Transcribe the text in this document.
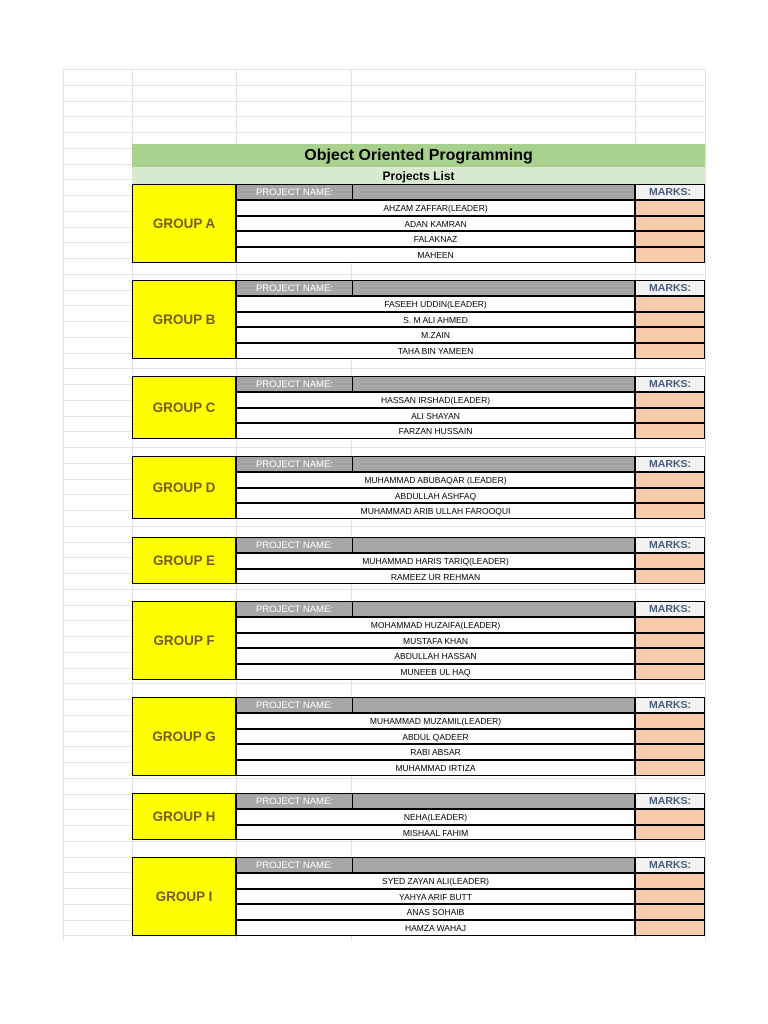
Object Oriented Programming
Projects List
GROUP A
PROJECT NAME:	MARKS:
AHZAM ZAFFAR(LEADER)
ADAN KAMRAN
FALAKNAZ
MAHEEN
GROUP B
PROJECT NAME:	MARKS:
FASEEH UDDIN(LEADER)
S. M ALI AHMED
M.ZAIN
TAHA BIN YAMEEN
GROUP C
PROJECT NAME:	MARKS:
HASSAN IRSHAD(LEADER)
ALI SHAYAN
FARZAN HUSSAIN
GROUP D
PROJECT NAME:	MARKS:
MUHAMMAD ABUBAQAR (LEADER)
ABDULLAH ASHFAQ
MUHAMMAD ARIB ULLAH FAROOQUI
GROUP E
PROJECT NAME:	MARKS:
MUHAMMAD HARIS TARIQ(LEADER)
RAMEEZ UR REHMAN
GROUP F
PROJECT NAME:	MARKS:
MOHAMMAD HUZAIFA(LEADER)
MUSTAFA KHAN
ABDULLAH HASSAN
MUNEEB UL HAQ
GROUP G
PROJECT NAME:	MARKS:
MUHAMMAD MUZAMIL(LEADER)
ABDUL QADEER
RABI ABSAR
MUHAMMAD IRTIZA
GROUP H
PROJECT NAME:	MARKS:
NEHA(LEADER)
MISHAAL FAHIM
GROUP I
PROJECT NAME:	MARKS:
SYED ZAYAN ALI(LEADER)
YAHYA ARIF BUTT
ANAS SOHAIB
HAMZA WAHAJ
